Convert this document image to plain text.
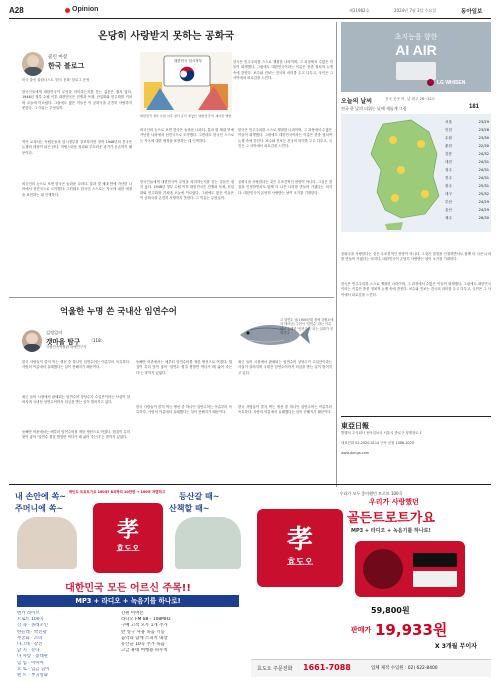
A28	Opinion	제31982호	2024년 7월 3일 수요일	동아일보
온당히 사랑받지 못하는 공화국
콜린 마샬
한국 블로그
미국 출신 칼럼니스트 '한국 문화' 블로그 운영
대한민국 임시정부
대한민국 정부 수립 이후 정식 공식 명칭인 '대한민국'이 새겨진 앨범
한국인들에게 대한민국이 무엇을 의미하는지를 묻는 질문은 쉽지 않다. 1948년 정부 수립 이후 대한민국은 전쟁과 독재, 산업화와 민주화를 거치며 오늘에 이르렀다. 그럼에도 많은 이들은 이 공화국을 온전히 사랑하지 못한다. 그 이유는 무엇일까.
역사 교과서는 독립운동과 임시정부를 강조하지만 정작 1948년의 건국은 논쟁의 대상이 되곤 한다. 자랑스러운 성취와 부끄러운 과거가 공존하기 때문이다.
외국인의 눈으로 보면 한국은 놀라운 나라다. 불과 몇 세대 만에 가난한 나라에서 선진국으로 도약했다. 그런데도 한국인 스스로는 자국에 대한 애정을 표현하는 데 인색하다.
외국인의 눈으로 보면 한국은 놀라운 나라다. 불과 몇 세대 만에 가난한 나라에서 선진국으로 도약했다. 그런데도 한국인 스스로는 자국에 대한 애정을 표현하는 데 인색하다.
한국인들에게 대한민국이 무엇을 의미하는지를 묻는 질문은 쉽지 않다. 1948년 정부 수립 이후 대한민국은 전쟁과 독재, 산업화와 민주화를 거치며 오늘에 이르렀다. 그럼에도 많은 이들은 이 공화국을 온전히 사랑하지 못한다. 그 이유는 무엇일까.
한국은 민주주의를 스스로 쟁취한 나라이며, 그 과정에서 수많은 이들이 희생했다. 그럼에도 대한민국이라는 이름은 종종 정치적 논쟁 속에 갇힌다. 보수와 진보는 건국의 의미를 두고 다투고, 국민은 그 사이에서 피로감을 느낀다.
공화국을 사랑한다는 것은 무조건적인 찬양이 아니다. 그것은 결점을 인정하면서도 함께 더 나은 나라를 만들어 가겠다는 의지다. 대한민국이 온당히 사랑받는 날이 오기를 기대한다.
한국은 민주주의를 스스로 쟁취한 나라이며, 그 과정에서 수많은 이들이 희생했다. 그럼에도 대한민국이라는 이름은 종종 정치적 논쟁 속에 갇힌다. 보수와 진보는 건국의 의미를 두고 다투고, 국민은 그 사이에서 피로감을 느낀다.
초지능을 향한
AI AIR
LG WHISEN
오늘의 날씨	전국 곳곳 비, 낮 최고 26~32도
전국 한 낮의 더위는 낮에 새롭게 그림	181
서울	23/29
인천	23/28
수원	23/30
춘천	22/30
강릉	24/32
대전	24/31
청주	24/31
전주	24/31
광주	25/31
대구	25/32
부산	24/29
울산	24/29
제주	26/30
공화국을 사랑한다는 것은 무조건적인 찬양이 아니다. 그것은 결점을 인정하면서도 함께 더 나은 나라를 만들어 가겠다는 의지다. 대한민국이 온당히 사랑받는 날이 오기를 기대한다.
한국은 민주주의를 스스로 쟁취한 나라이며, 그 과정에서 수많은 이들이 희생했다. 그럼에도 대한민국이라는 이름은 종종 정치적 논쟁 속에 갇힌다. 보수와 진보는 건국의 의미를 두고 다투고, 국민은 그 사이에서 피로감을 느낀다.
억울한 누명 쓴 국내산 임연수어
김정일의
갯마을 탐구 〈118〉
국립민속박물관 학예연구사
고 임연수 님(1900년대 경에 강원도에서 태어난) 주민이 '임연수' 라는 이름에서 유래한 '임연수어' 라는 설화가 전해진다.
한국 사람들이 즐겨 먹는 생선 중 하나인 임연수어는 이름부터 독특하다. 사람의 이름에서 유래했다는 설이 전해지기 때문이다.
최근 들어 시장에서 판매되는 임연수어 상당수가 수입산이라는 사실이 알려지며 국내산 임연수어까지 의심을 받는 일이 벌어지고 있다.
동해안 어촌에서는 예부터 임연수어를 귀한 생선으로 여겼다. 껍질이 특히 맛이 좋아 '임연수 껍질 쌈밥만 먹다가 배 굶어 죽는다'는 말까지 있었다.
동해안 어촌에서는 예부터 임연수어를 귀한 생선으로 여겼다. 껍질이 특히 맛이 좋아 '임연수 껍질 쌈밥만 먹다가 배 굶어 죽는다'는 말까지 있었다.
한국 사람들이 즐겨 먹는 생선 중 하나인 임연수어는 이름부터 독특하다. 사람의 이름에서 유래했다는 설이 전해지기 때문이다.
최근 들어 시장에서 판매되는 임연수어 상당수가 수입산이라는 사실이 알려지며 국내산 임연수어까지 의심을 받는 일이 벌어지고 있다.
한국 사람들이 즐겨 먹는 생선 중 하나인 임연수어는 이름부터 독특하다. 사람의 이름에서 유래했다는 설이 전해지기 때문이다.
東亞日報
발행처 주식회사 동아일보사 서울시 종로구 청계천로 1
대표전화 02-2020-0114 구독 신청 1588-2020
www.donga.com
내 손안에 쏙~
주머니에 쏙~
등산갈 때~
산책할 때~
박인도 트로트가요 100곡! 8곡짜리 10만원 → 100곡 저렴하고
孝
효도오
대한민국 모든 어르신 주목!!
MP3 + 라디오 + 녹음기를 하나로!
엔카 라이브
트로트 100곡
산 속 · 몰래꼬인
한들레 · 박진광
무궁화 · 소녀
나그네 · 강진
남 지 · 문다
다 사랑 · 송대관
임 임 · 이미아
요 토 · 임금 님이
맨 트 · 부귀영화
간편 이어폰
라디오 FM 88 - 108MHz
구매 고객 모두 1개 추가
반 영구 사용 녹음 기능
음악과 함께 스피커 내장
유산균 10곡 추가 녹음
고급 휴대 여행용 파우치
우리가 모두 좋아했던 트로트 100곡
우리가 사랑했던
골든트로트가요
孝
효도오
MP3 + 라디오 + 녹음기를 하나로!
59,800원
판매가 19,933원
X 3개월 무이자
효도오 주문전화 1661-7088	업체 제작 수입원 : 02) 622-8400
